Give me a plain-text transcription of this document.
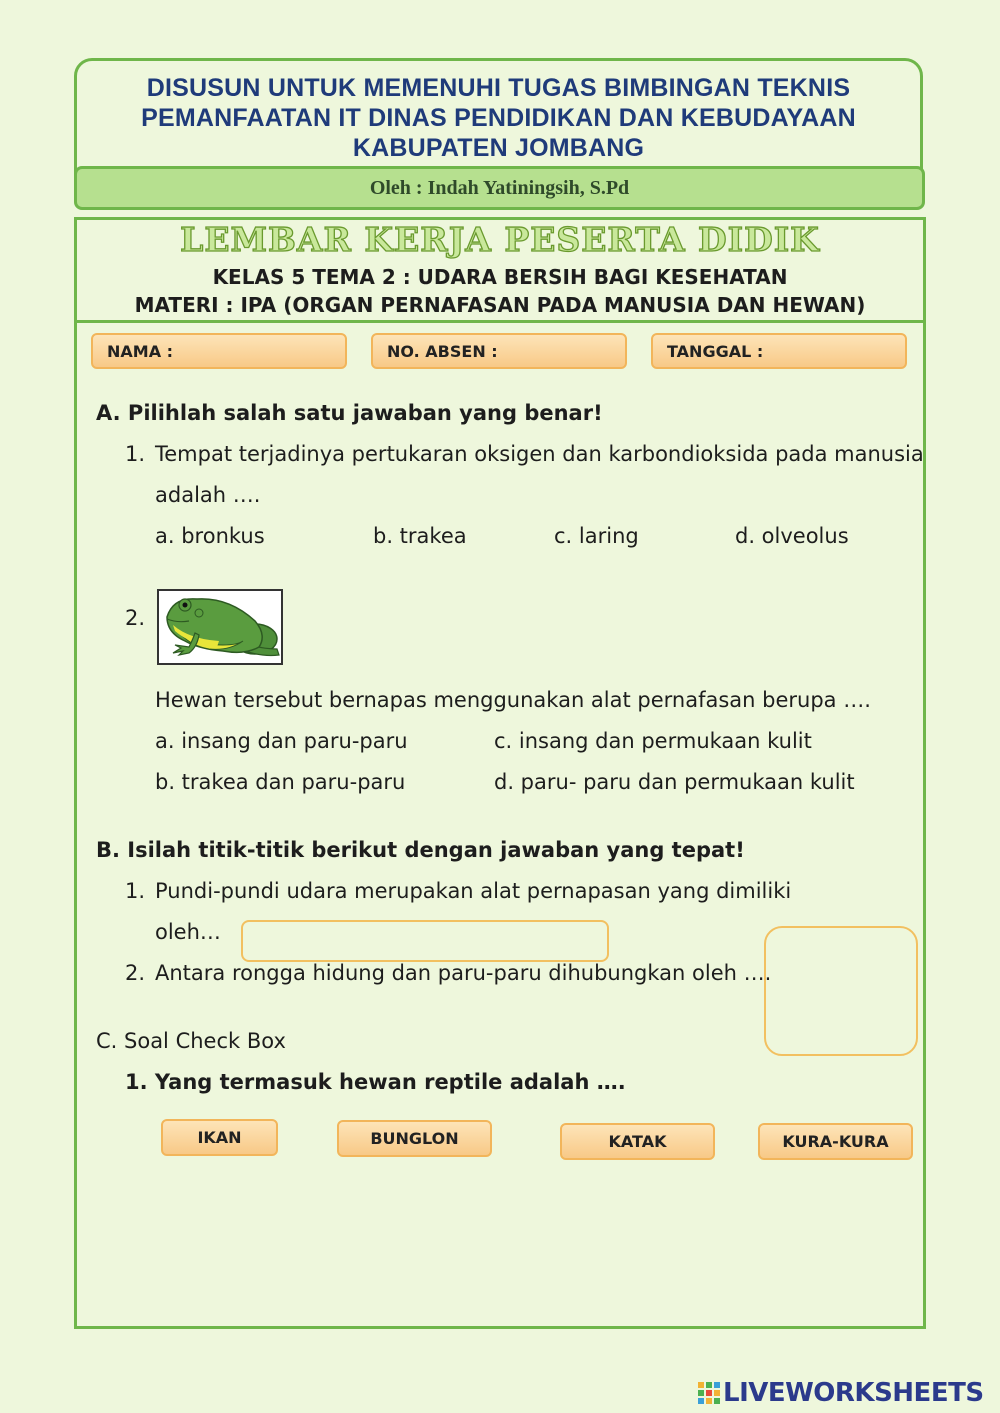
DISUSUN UNTUK MEMENUHI TUGAS BIMBINGAN TEKNIS
PEMANFAATAN IT DINAS PENDIDIKAN DAN KEBUDAYAAN
KABUPATEN JOMBANG
Oleh : Indah Yatiningsih, S.Pd
LEMBAR KERJA PESERTA DIDIK
KELAS 5 TEMA 2 : UDARA BERSIH BAGI KESEHATAN
MATERI : IPA (ORGAN PERNAFASAN PADA MANUSIA DAN HEWAN)
NAMA :	NO. ABSEN :	TANGGAL :
A. Pilihlah salah satu jawaban yang benar!
1. Tempat terjadinya pertukaran oksigen dan karbondioksida pada manusia
adalah ….
a. bronkus	b. trakea	c. laring	d. olveolus
2.
Hewan tersebut bernapas menggunakan alat pernafasan berupa ….
a. insang dan paru-paru	c. insang dan permukaan kulit
b. trakea dan paru-paru	d. paru- paru dan permukaan kulit
B. Isilah titik-titik berikut dengan jawaban yang tepat!
1. Pundi-pundi udara merupakan alat pernapasan yang dimiliki
oleh…
2. Antara rongga hidung dan paru-paru dihubungkan oleh ….
C. Soal Check Box
1. Yang termasuk hewan reptile adalah ….
IKAN	BUNGLON	KATAK	KURA-KURA
LIVEWORKSHEETS
